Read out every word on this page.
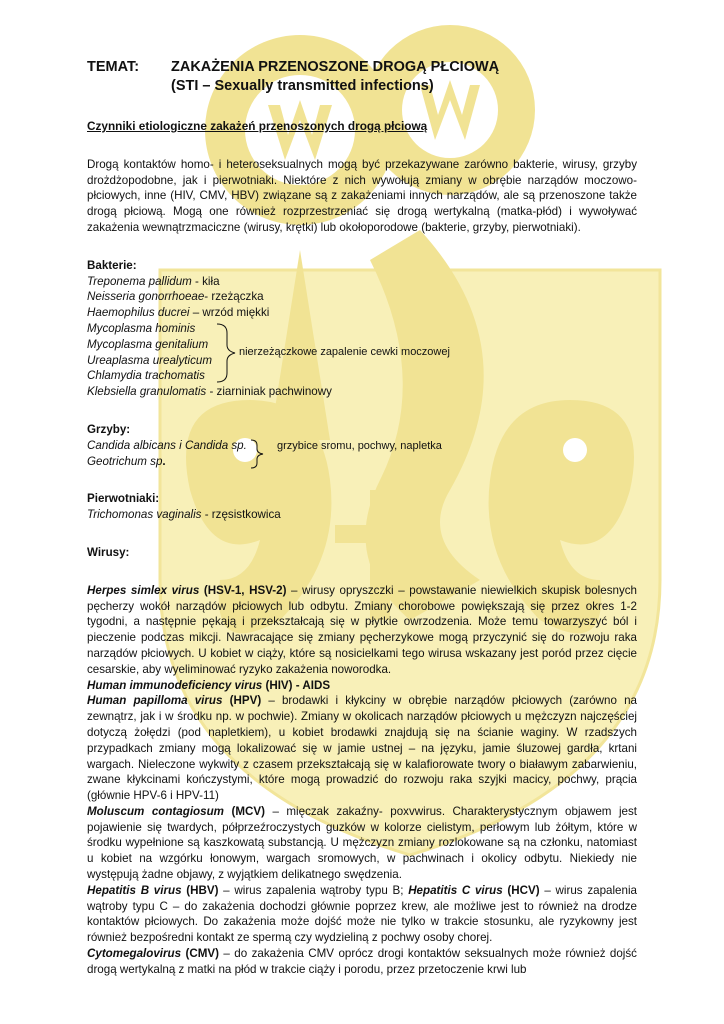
TEMAT:	ZAKAŻENIA PRZENOSZONE DROGĄ PŁCIOWĄ
(STI – Sexually transmitted infections)

Czynniki etiologiczne zakażeń przenoszonych drogą płciową

Drogą kontaktów homo- i heteroseksualnych mogą być przekazywane zarówno bakterie, wirusy, grzyby drożdżopodobne, jak i pierwotniaki. Niektóre z nich wywołują zmiany w obrębie narządów moczowo-płciowych, inne (HIV, CMV, HBV) związane są z zakażeniami innych narządów, ale są przenoszone także drogą płciową. Mogą one również rozprzestrzeniać się drogą wertykalną (matka-płód) i wywoływać zakażenia wewnątrzmaciczne (wirusy, krętki) lub okołoporodowe (bakterie, grzyby, pierwotniaki).

Bakterie:

Treponema pallidum - kiła

Neisseria gonorrhoeae- rzeżączka

Haemophilus ducrei – wrzód miękki

Mycoplasma hominis

Mycoplasma genitalium

Ureaplasma urealyticum

Chlamydia trachomatis

nierzeżączkowe zapalenie cewki moczowej

Klebsiella granulomatis - ziarniniak pachwinowy

Grzyby:

Candida albicans i Candida sp.

Geotrichum sp.

grzybice sromu, pochwy, napletka

Pierwotniaki:

Trichomonas vaginalis - rzęsistkowica

Wirusy:

Herpes simlex virus (HSV-1, HSV-2) – wirusy opryszczki – powstawanie niewielkich skupisk bolesnych pęcherzy wokół narządów płciowych lub odbytu. Zmiany chorobowe powiększają się przez okres 1-2 tygodni, a następnie pękają i przekształcają się w płytkie owrzodzenia. Może temu towarzyszyć ból i pieczenie podczas mikcji. Nawracające się zmiany pęcherzykowe mogą przyczynić się do rozwoju raka narządów płciowych. U kobiet w ciąży, które są nosicielkami tego wirusa wskazany jest poród przez cięcie cesarskie, aby wyeliminować ryzyko zakażenia noworodka.

Human immunodeficiency virus (HIV) - AIDS

Human papilloma virus (HPV) – brodawki i kłykciny w obrębie narządów płciowych (zarówno na zewnątrz, jak i w środku np. w pochwie). Zmiany w okolicach narządów płciowych u mężczyzn najczęściej dotyczą żołędzi (pod napletkiem), u kobiet brodawki znajdują się na ścianie waginy. W rzadszych przypadkach zmiany mogą lokalizować się w jamie ustnej – na języku, jamie śluzowej gardła, krtani wargach. Nieleczone wykwity z czasem przekształcają się w kalafiorowate twory o białawym zabarwieniu, zwane kłykcinami kończystymi, które mogą prowadzić do rozwoju raka szyjki macicy, pochwy, prącia (głównie HPV-6 i HPV-11)

Moluscum contagiosum (MCV) – mięczak zakaźny- poxvwirus. Charakterystycznym objawem jest pojawienie się twardych, półprzeźroczystych guzków w kolorze cielistym, perłowym lub żółtym, które w środku wypełnione są kaszkowatą substancją. U mężczyzn zmiany rozlokowane są na członku, natomiast u kobiet na wzgórku łonowym, wargach sromowych, w pachwinach i okolicy odbytu. Niekiedy nie występują żadne objawy, z wyjątkiem delikatnego swędzenia.

Hepatitis B virus (HBV) – wirus zapalenia wątroby typu B; Hepatitis C virus (HCV) – wirus zapalenia wątroby typu C – do zakażenia dochodzi głównie poprzez krew, ale możliwe jest to również na drodze kontaktów płciowych. Do zakażenia może dojść może nie tylko w trakcie stosunku, ale ryzykowny jest również bezpośredni kontakt ze spermą czy wydzieliną z pochwy osoby chorej.

Cytomegalovirus (CMV) – do zakażenia CMV oprócz drogi kontaktów seksualnych może również dojść drogą wertykalną z matki na płód w trakcie ciąży i porodu, przez przetoczenie krwi lub
